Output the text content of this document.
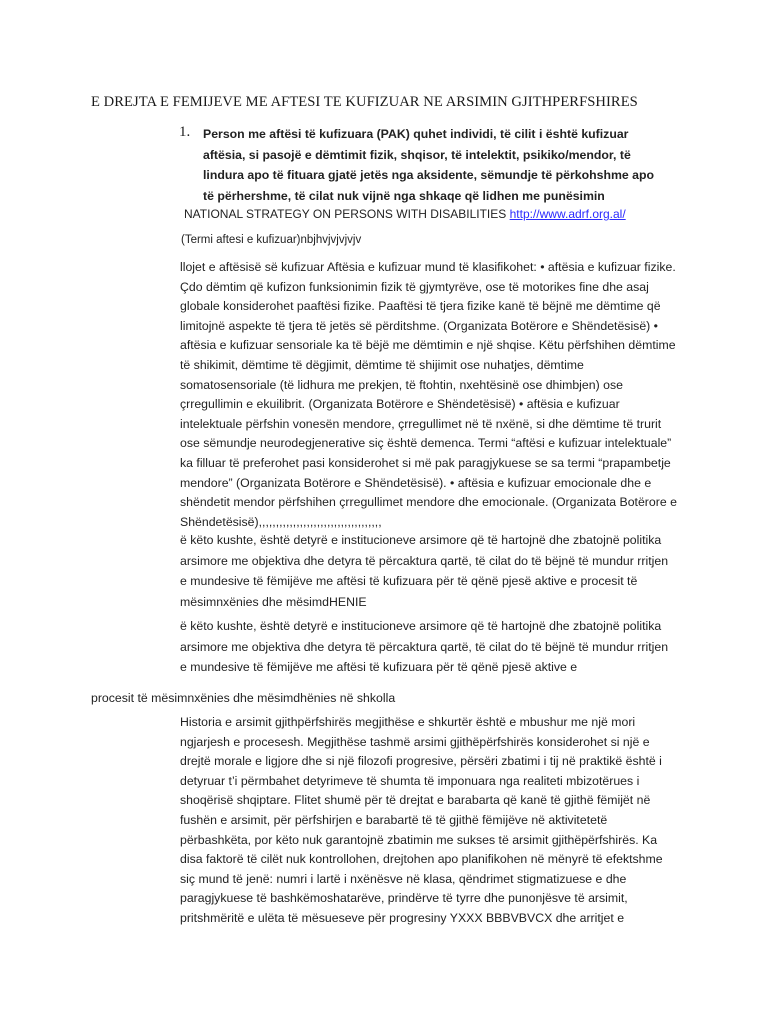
E DREJTA E FEMIJEVE ME AFTESI TE KUFIZUAR NE ARSIMIN GJITHPERFSHIRES
1. Person me aftësi të kufizuara (PAK) quhet individi, të cilit i është kufizuar aftësia, si pasojë e dëmtimit fizik, shqisor, të intelektit, psikiko/mendor, të lindura apo të fituara gjatë jetës nga aksidente, sëmundje të përkohshme apo të përhershme, të cilat nuk vijnë nga shkaqe që lidhen me punësimin
NATIONAL STRATEGY ON PERSONS WITH DISABILITIES http://www.adrf.org.al/
(Termi aftesi e kufizuar)nbjhvjvjvjvjv
llojet e aftësisë së kufizuar Aftësia e kufizuar mund të klasifikohet: • aftësia e kufizuar fizike. Çdo dëmtim që kufizon funksionimin fizik të gjymtyrëve, ose të motorikes fine dhe asaj globale konsiderohet paaftësi fizike. Paaftësi të tjera fizike kanë të bëjnë me dëmtime që limitojnë aspekte të tjera të jetës së përditshme. (Organizata Botërore e Shëndetësisë) • aftësia e kufizuar sensoriale ka të bëjë me dëmtimin e një shqise. Këtu përfshihen dëmtime të shikimit, dëmtime të dëgjimit, dëmtime të shijimit ose nuhatjes, dëmtime somatosensoriale (të lidhura me prekjen, të ftohtin, nxehtësinë ose dhimbjen) ose çrregullimin e ekuilibrit. (Organizata Botërore e Shëndetësisë) • aftësia e kufizuar intelektuale përfshin vonesën mendore, çrregullimet në të nxënë, si dhe dëmtime të trurit ose sëmundje neurodegjenerative siç është demenca. Termi “aftësi e kufizuar intelektuale” ka filluar të preferohet pasi konsiderohet si më pak paragjykuese se sa termi “prapambetje mendore” (Organizata Botërore e Shëndetësisë). • aftësia e kufizuar emocionale dhe e shëndetit mendor përfshihen çrregullimet mendore dhe emocionale. (Organizata Botërore e Shëndetësisë),,,,,,,,,,,,,,,,,,,,,,,,,,,,,,,,,,,,
ë këto kushte, është detyrë e institucioneve arsimore që të hartojnë dhe zbatojnë politika arsimore me objektiva dhe detyra të përcaktura qartë, të cilat do të bëjnë të mundur rritjen e mundesive të fëmijëve me aftësi të kufizuara për të qënë pjesë aktive e procesit të mësimnxënies dhe mësimdHENIE
ë këto kushte, është detyrë e institucioneve arsimore që të hartojnë dhe zbatojnë politika arsimore me objektiva dhe detyra të përcaktura qartë, të cilat do të bëjnë të mundur rritjen e mundesive të fëmijëve me aftësi të kufizuara për të qënë pjesë aktive e
procesit të mësimnxënies dhe mësimdhënies në shkolla
Historia e arsimit gjithpërfshirës megjithëse e shkurtër është e mbushur me një mori ngjarjesh e procesesh. Megjithëse tashmë arsimi gjithëpërfshirës konsiderohet si një e drejtë morale e ligjore dhe si një filozofi progresive, përsëri zbatimi i tij në praktikë është i detyruar t’i përmbahet detyrimeve të shumta të imponuara nga realiteti mbizotërues i shoqërisë shqiptare. Flitet shumë për të drejtat e barabarta që kanë të gjithë fëmijët në fushën e arsimit, për përfshirjen e barabartë të të gjithë fëmijëve në aktivitetetë përbashkëta, por këto nuk garantojnë zbatimin me sukses të arsimit gjithëpërfshirës. Ka disa faktorë të cilët nuk kontrollohen, drejtohen apo planifikohen në mënyrë të efektshme siç mund të jenë: numri i lartë i nxënësve në klasa, qëndrimet stigmatizuese e dhe paragjykuese të bashkëmoshatarëve, prindërve të tyrre dhe punonjësve të arsimit, pritshmëritë e ulëta të mësueseve për progresiny YXXX BBBVBVCX dhe arritjet e
